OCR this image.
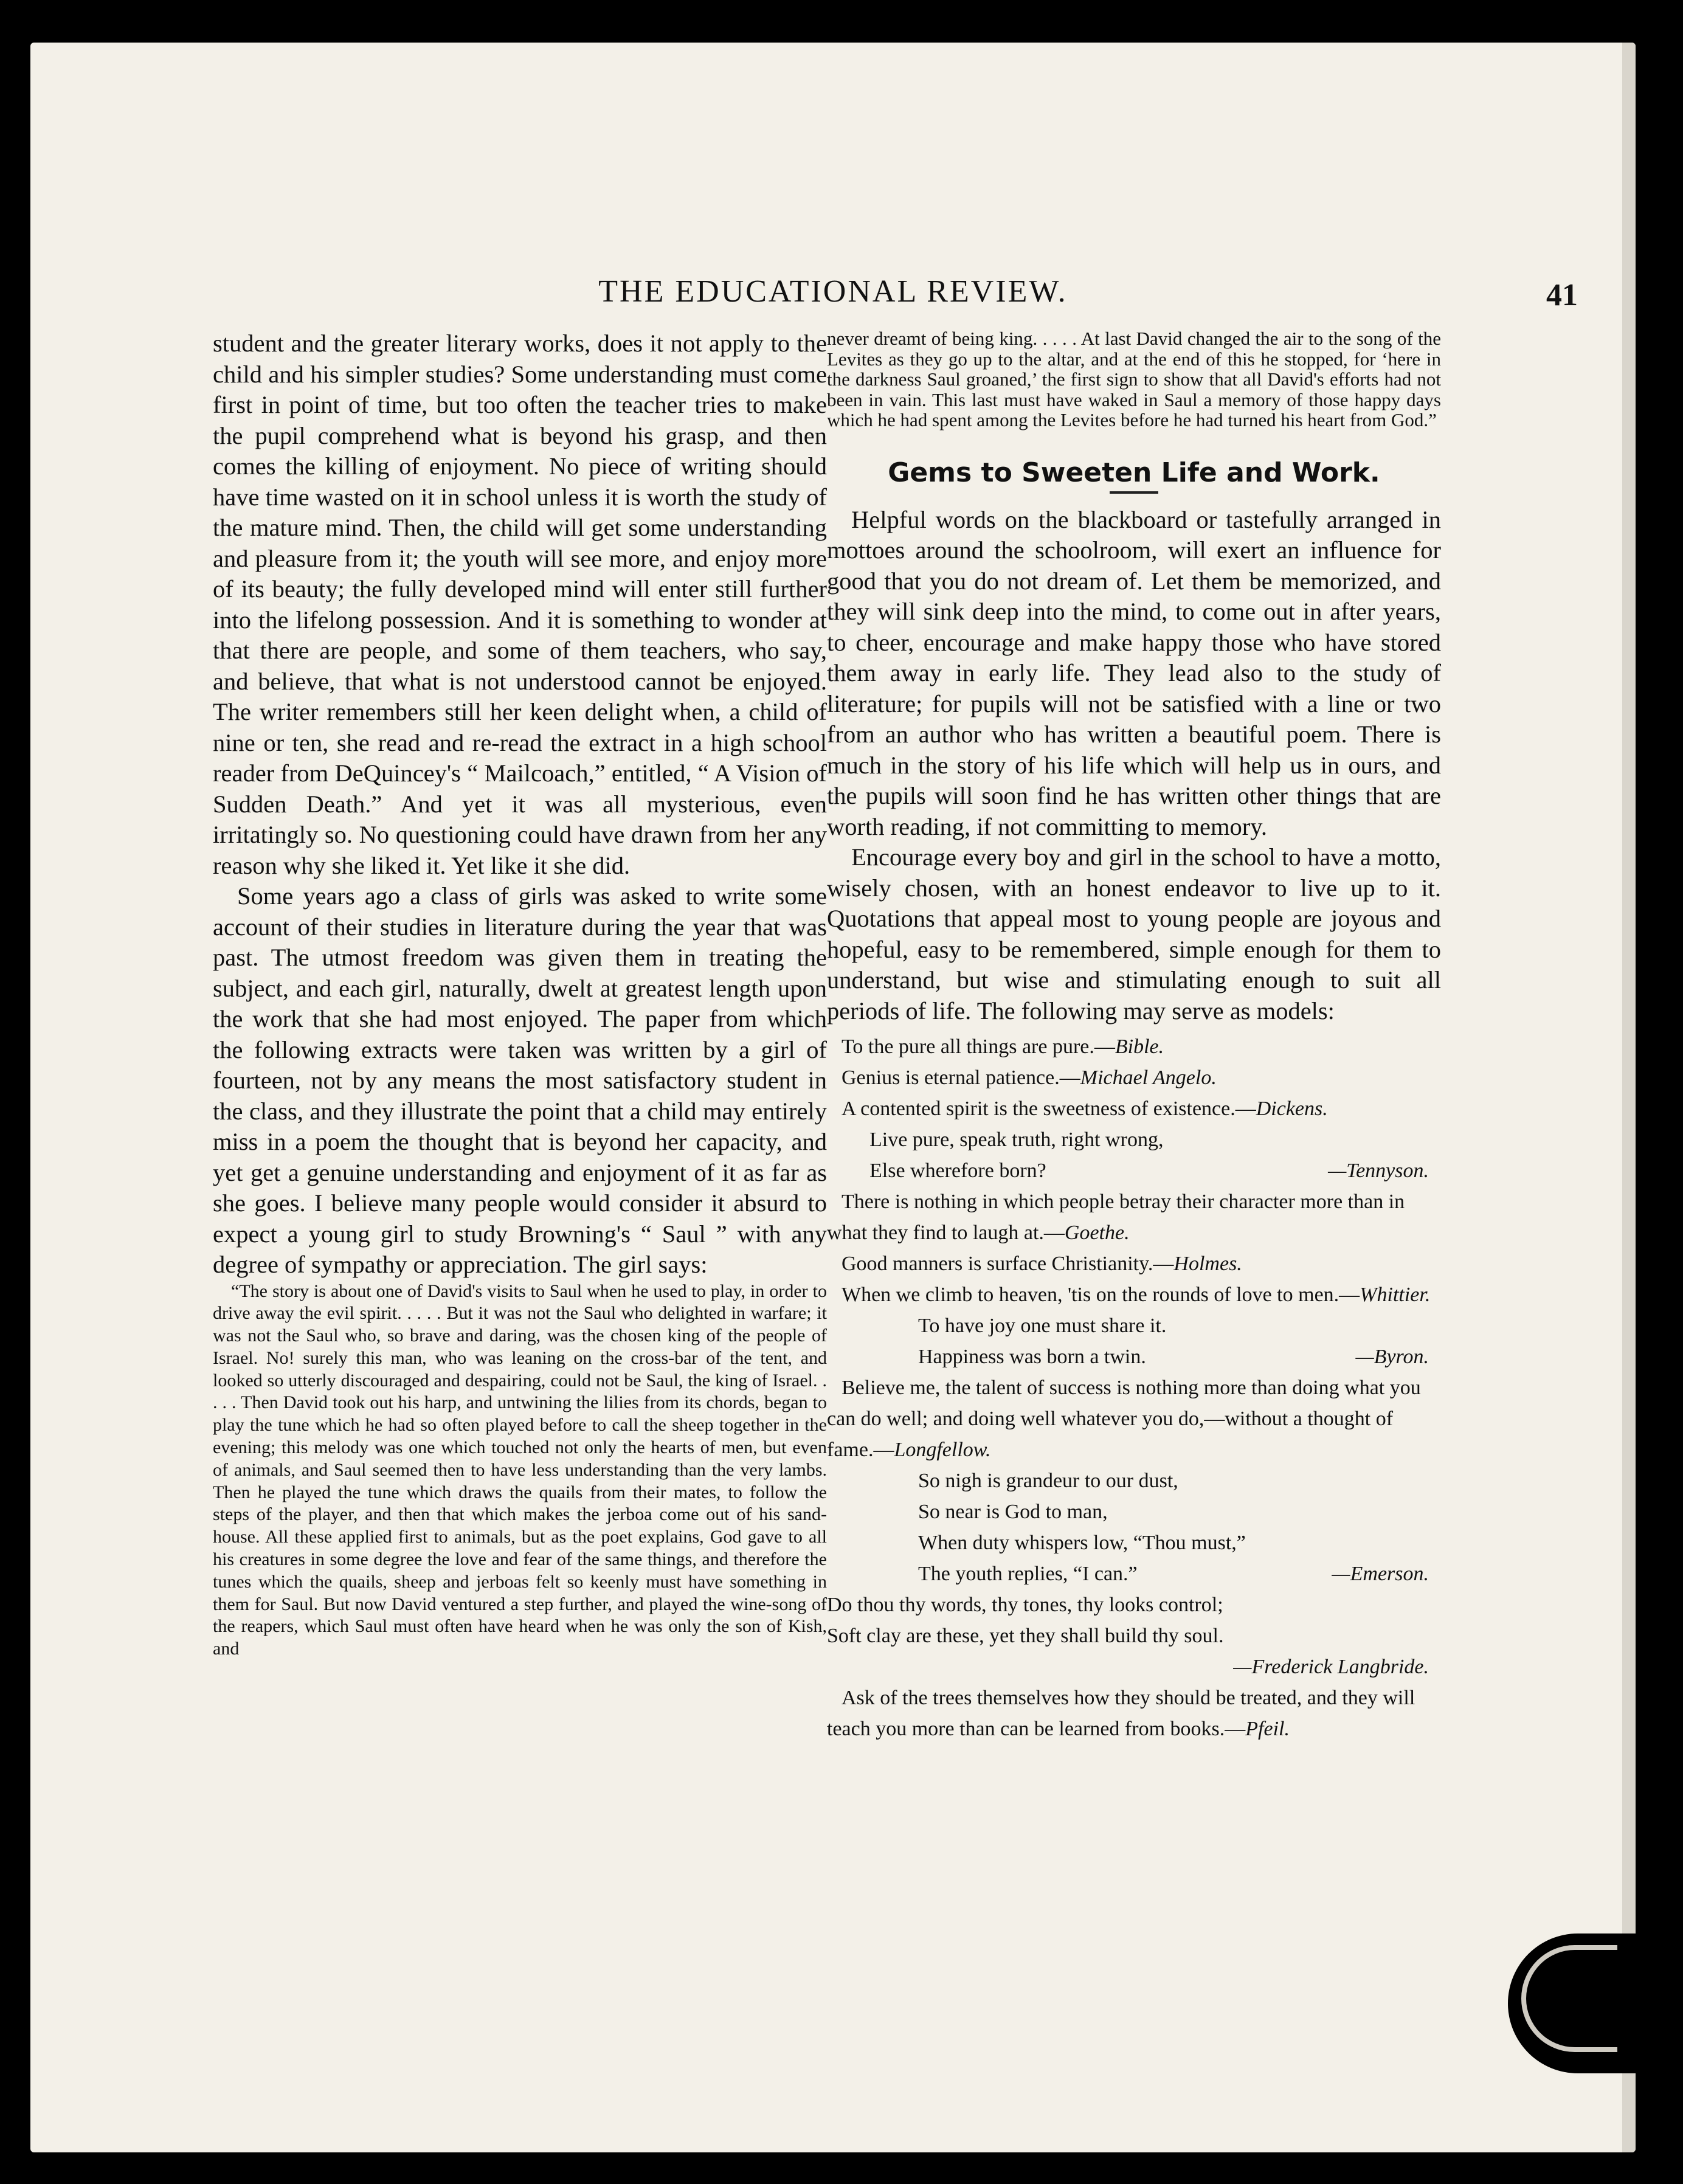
THE EDUCATIONAL REVIEW.	41

student and the greater literary works, does it not apply to the child and his simpler studies? Some understanding must come first in point of time, but too often the teacher tries to make the pupil comprehend what is beyond his grasp, and then comes the killing of enjoyment. No piece of writing should have time wasted on it in school unless it is worth the study of the mature mind. Then, the child will get some understanding and pleasure from it; the youth will see more, and enjoy more of its beauty; the fully developed mind will enter still further into the lifelong possession. And it is something to wonder at that there are people, and some of them teachers, who say, and believe, that what is not understood cannot be enjoyed. The writer remembers still her keen delight when, a child of nine or ten, she read and re-read the extract in a high school reader from DeQuincey's “ Mailcoach,” entitled, “ A Vision of Sudden Death.” And yet it was all mysterious, even irritatingly so. No questioning could have drawn from her any reason why she liked it. Yet like it she did.

Some years ago a class of girls was asked to write some account of their studies in literature during the year that was past. The utmost freedom was given them in treating the subject, and each girl, naturally, dwelt at greatest length upon the work that she had most enjoyed. The paper from which the following extracts were taken was written by a girl of fourteen, not by any means the most satisfactory student in the class, and they illustrate the point that a child may entirely miss in a poem the thought that is beyond her capacity, and yet get a genuine understanding and enjoyment of it as far as she goes. I believe many people would consider it absurd to expect a young girl to study Browning's “ Saul ” with any degree of sympathy or appreciation. The girl says:

“The story is about one of David's visits to Saul when he used to play, in order to drive away the evil spirit. . . . . But it was not the Saul who delighted in warfare; it was not the Saul who, so brave and daring, was the chosen king of the people of Israel. No! surely this man, who was leaning on the cross-bar of the tent, and looked so utterly discouraged and despairing, could not be Saul, the king of Israel. . . . . Then David took out his harp, and untwining the lilies from its chords, began to play the tune which he had so often played before to call the sheep together in the evening; this melody was one which touched not only the hearts of men, but even of animals, and Saul seemed then to have less understanding than the very lambs. Then he played the tune which draws the quails from their mates, to follow the steps of the player, and then that which makes the jerboa come out of his sand-house. All these applied first to animals, but as the poet explains, God gave to all his creatures in some degree the love and fear of the same things, and therefore the tunes which the quails, sheep and jerboas felt so keenly must have something in them for Saul. But now David ventured a step further, and played the wine-song of the reapers, which Saul must often have heard when he was only the son of Kish, and

never dreamt of being king. . . . . At last David changed the air to the song of the Levites as they go up to the altar, and at the end of this he stopped, for ‘here in the darkness Saul groaned,’ the first sign to show that all David's efforts had not been in vain. This last must have waked in Saul a memory of those happy days which he had spent among the Levites before he had turned his heart from God.”

Gems to Sweeten Life and Work.

Helpful words on the blackboard or tastefully arranged in mottoes around the schoolroom, will exert an influence for good that you do not dream of. Let them be memorized, and they will sink deep into the mind, to come out in after years, to cheer, encourage and make happy those who have stored them away in early life. They lead also to the study of literature; for pupils will not be satisfied with a line or two from an author who has written a beautiful poem. There is much in the story of his life which will help us in ours, and the pupils will soon find he has written other things that are worth reading, if not committing to memory.

Encourage every boy and girl in the school to have a motto, wisely chosen, with an honest endeavor to live up to it. Quotations that appeal most to young people are joyous and hopeful, easy to be remembered, simple enough for them to understand, but wise and stimulating enough to suit all periods of life. The following may serve as models:

To the pure all things are pure.—Bible.
Genius is eternal patience.—Michael Angelo.
A contented spirit is the sweetness of existence.—Dickens.
Live pure, speak truth, right wrong,
Else wherefore born?	—Tennyson.
There is nothing in which people betray their character more than in what they find to laugh at.—Goethe.
Good manners is surface Christianity.—Holmes.
When we climb to heaven, 'tis on the rounds of love to men.—Whittier.
To have joy one must share it.
Happiness was born a twin.	—Byron.
Believe me, the talent of success is nothing more than doing what you can do well; and doing well whatever you do,—without a thought of fame.—Longfellow.
So nigh is grandeur to our dust,
So near is God to man,
When duty whispers low, “Thou must,”
The youth replies, “I can.”	—Emerson.
Do thou thy words, thy tones, thy looks control;
Soft clay are these, yet they shall build thy soul.
—Frederick Langbride.
Ask of the trees themselves how they should be treated, and they will teach you more than can be learned from books.—Pfeil.
